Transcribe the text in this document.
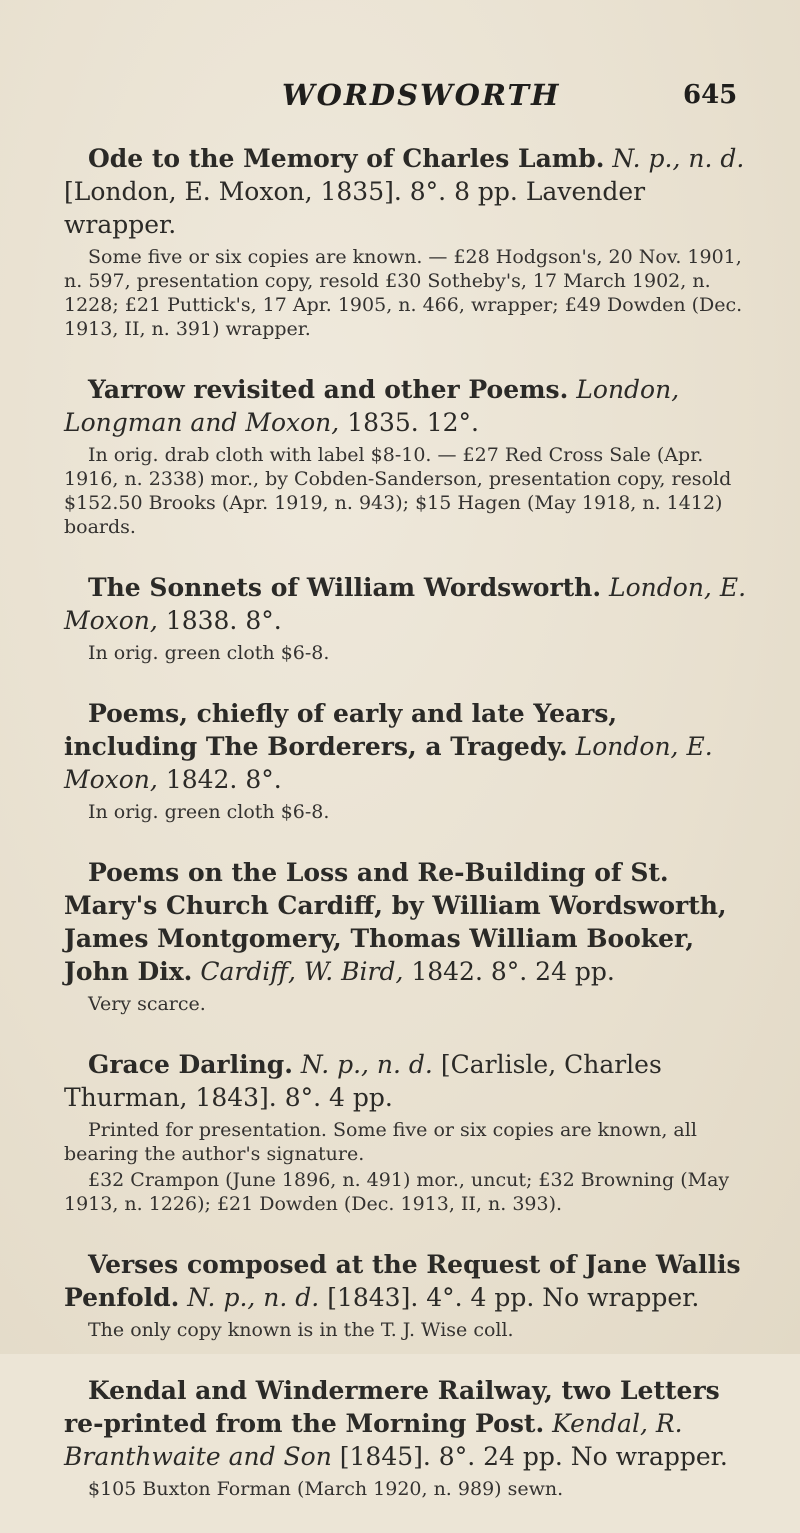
WORDSWORTH	645

Ode to the Memory of Charles Lamb. N. p., n. d. [London, E. Moxon, 1835]. 8°. 8 pp. Lavender wrapper.

Some five or six copies are known. — £28 Hodgson's, 20 Nov. 1901, n. 597, presentation copy, resold £30 Sotheby's, 17 March 1902, n. 1228; £21 Puttick's, 17 Apr. 1905, n. 466, wrapper; £49 Dowden (Dec. 1913, II, n. 391) wrapper.

Yarrow revisited and other Poems. London, Longman and Moxon, 1835. 12°.

In orig. drab cloth with label $8-10. — £27 Red Cross Sale (Apr. 1916, n. 2338) mor., by Cobden-Sanderson, presentation copy, resold $152.50 Brooks (Apr. 1919, n. 943); $15 Hagen (May 1918, n. 1412) boards.

The Sonnets of William Wordsworth. London, E. Moxon, 1838. 8°.

In orig. green cloth $6-8.

Poems, chiefly of early and late Years, including The Borderers, a Tragedy. London, E. Moxon, 1842. 8°.

In orig. green cloth $6-8.

Poems on the Loss and Re-Building of St. Mary's Church Cardiff, by William Wordsworth, James Montgomery, Thomas William Booker, John Dix. Cardiff, W. Bird, 1842. 8°. 24 pp.

Very scarce.

Grace Darling. N. p., n. d. [Carlisle, Charles Thurman, 1843]. 8°. 4 pp.

Printed for presentation. Some five or six copies are known, all bearing the author's signature.

£32 Crampon (June 1896, n. 491) mor., uncut; £32 Browning (May 1913, n. 1226); £21 Dowden (Dec. 1913, II, n. 393).

Verses composed at the Request of Jane Wallis Penfold. N. p., n. d. [1843]. 4°. 4 pp. No wrapper.

The only copy known is in the T. J. Wise coll.

Kendal and Windermere Railway, two Letters re-printed from the Morning Post. Kendal, R. Branthwaite and Son [1845]. 8°. 24 pp. No wrapper.

$105 Buxton Forman (March 1920, n. 989) sewn.
